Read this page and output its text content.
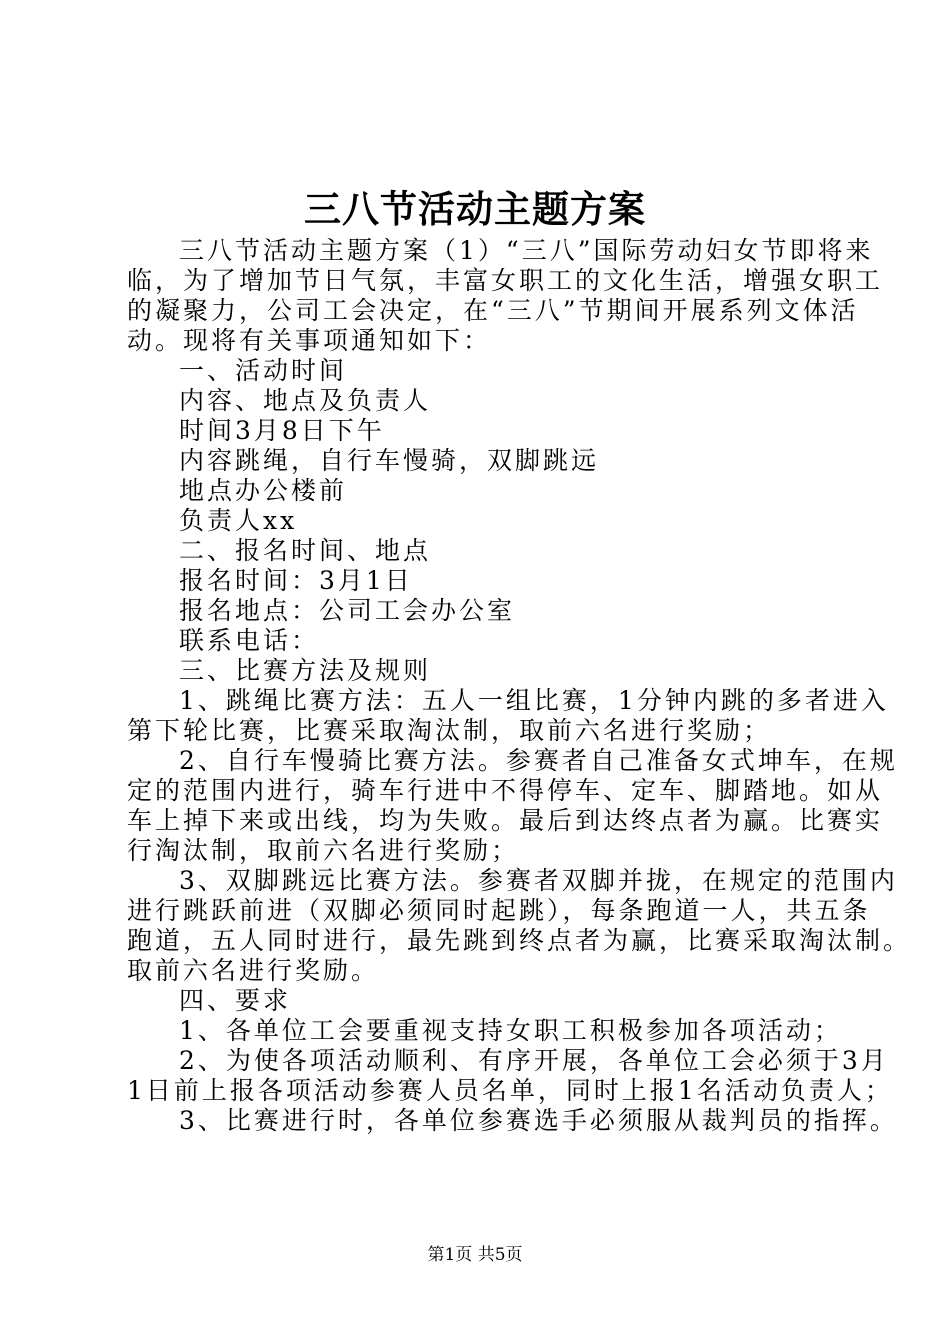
三八节活动主题方案
三八节活动主题方案（1）“三八”国际劳动妇女节即将来
临，为了增加节日气氛，丰富女职工的文化生活，增强女职工
的凝聚力，公司工会决定，在“三八”节期间开展系列文体活
动。现将有关事项通知如下：
一、活动时间
内容、地点及负责人
时间3月8日下午
内容跳绳，自行车慢骑，双脚跳远
地点办公楼前
负责人xx
二、报名时间、地点
报名时间：3月1日
报名地点：公司工会办公室
联系电话：
三、比赛方法及规则
1、跳绳比赛方法：五人一组比赛，1分钟内跳的多者进入
第下轮比赛，比赛采取淘汰制，取前六名进行奖励；
2、自行车慢骑比赛方法。参赛者自己准备女式坤车，在规
定的范围内进行，骑车行进中不得停车、定车、脚踏地。如从
车上掉下来或出线，均为失败。最后到达终点者为赢。比赛实
行淘汰制，取前六名进行奖励；
3、双脚跳远比赛方法。参赛者双脚并拢，在规定的范围内
进行跳跃前进（双脚必须同时起跳），每条跑道一人，共五条
跑道，五人同时进行，最先跳到终点者为赢，比赛采取淘汰制。
取前六名进行奖励。
四、要求
1、各单位工会要重视支持女职工积极参加各项活动；
2、为使各项活动顺利、有序开展，各单位工会必须于3月
1日前上报各项活动参赛人员名单，同时上报1名活动负责人；
3、比赛进行时，各单位参赛选手必须服从裁判员的指挥。
第1页 共5页
